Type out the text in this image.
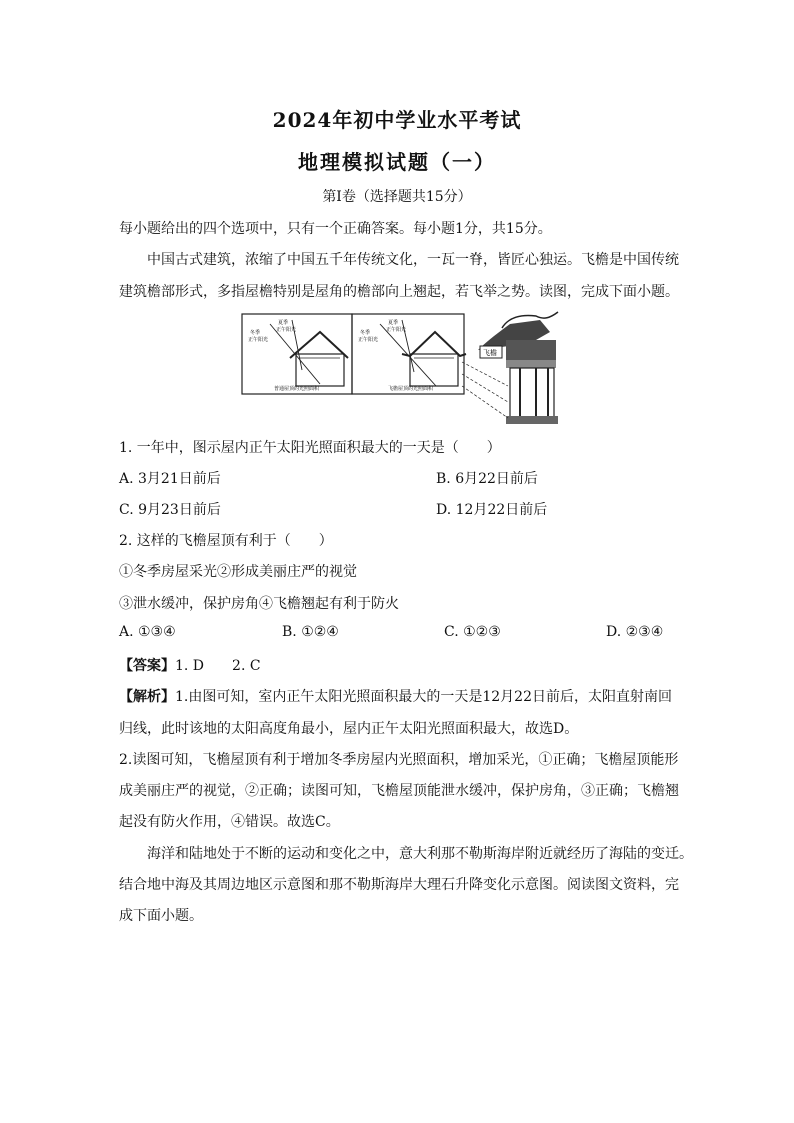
2024年初中学业水平考试
地理模拟试题（一）
第Ⅰ卷（选择题共15分）
每小题给出的四个选项中，只有一个正确答案。每小题1分，共15分。
中国古式建筑，浓缩了中国五千年传统文化，一瓦一脊，皆匠心独运。飞檐是中国传统
建筑檐部形式，多指屋檐特别是屋角的檐部向上翘起，若飞举之势。读图，完成下面小题。
冬季
正午阳光
夏季
正午阳光
普通屋顶的光照面积
冬季
正午阳光
夏季
正午阳光
飞檐屋顶的光照面积
飞檐
1. 一年中，图示屋内正午太阳光照面积最大的一天是（　　）
A. 3月21日前后	B. 6月22日前后
C. 9月23日前后	D. 12月22日前后
2. 这样的飞檐屋顶有利于（　　）
①冬季房屋采光②形成美丽庄严的视觉
③泄水缓冲，保护房角④飞檐翘起有利于防火
A. ①③④	B. ①②④	C. ①②③	D. ②③④
【答案】1. D　　2. C
【解析】1.由图可知，室内正午太阳光照面积最大的一天是12月22日前后，太阳直射南回
归线，此时该地的太阳高度角最小，屋内正午太阳光照面积最大，故选D。
2.读图可知，飞檐屋顶有利于增加冬季房屋内光照面积，增加采光，①正确；飞檐屋顶能形
成美丽庄严的视觉，②正确；读图可知，飞檐屋顶能泄水缓冲，保护房角，③正确；飞檐翘
起没有防火作用，④错误。故选C。
海洋和陆地处于不断的运动和变化之中，意大利那不勒斯海岸附近就经历了海陆的变迁。
结合地中海及其周边地区示意图和那不勒斯海岸大理石升降变化示意图。阅读图文资料，完
成下面小题。
